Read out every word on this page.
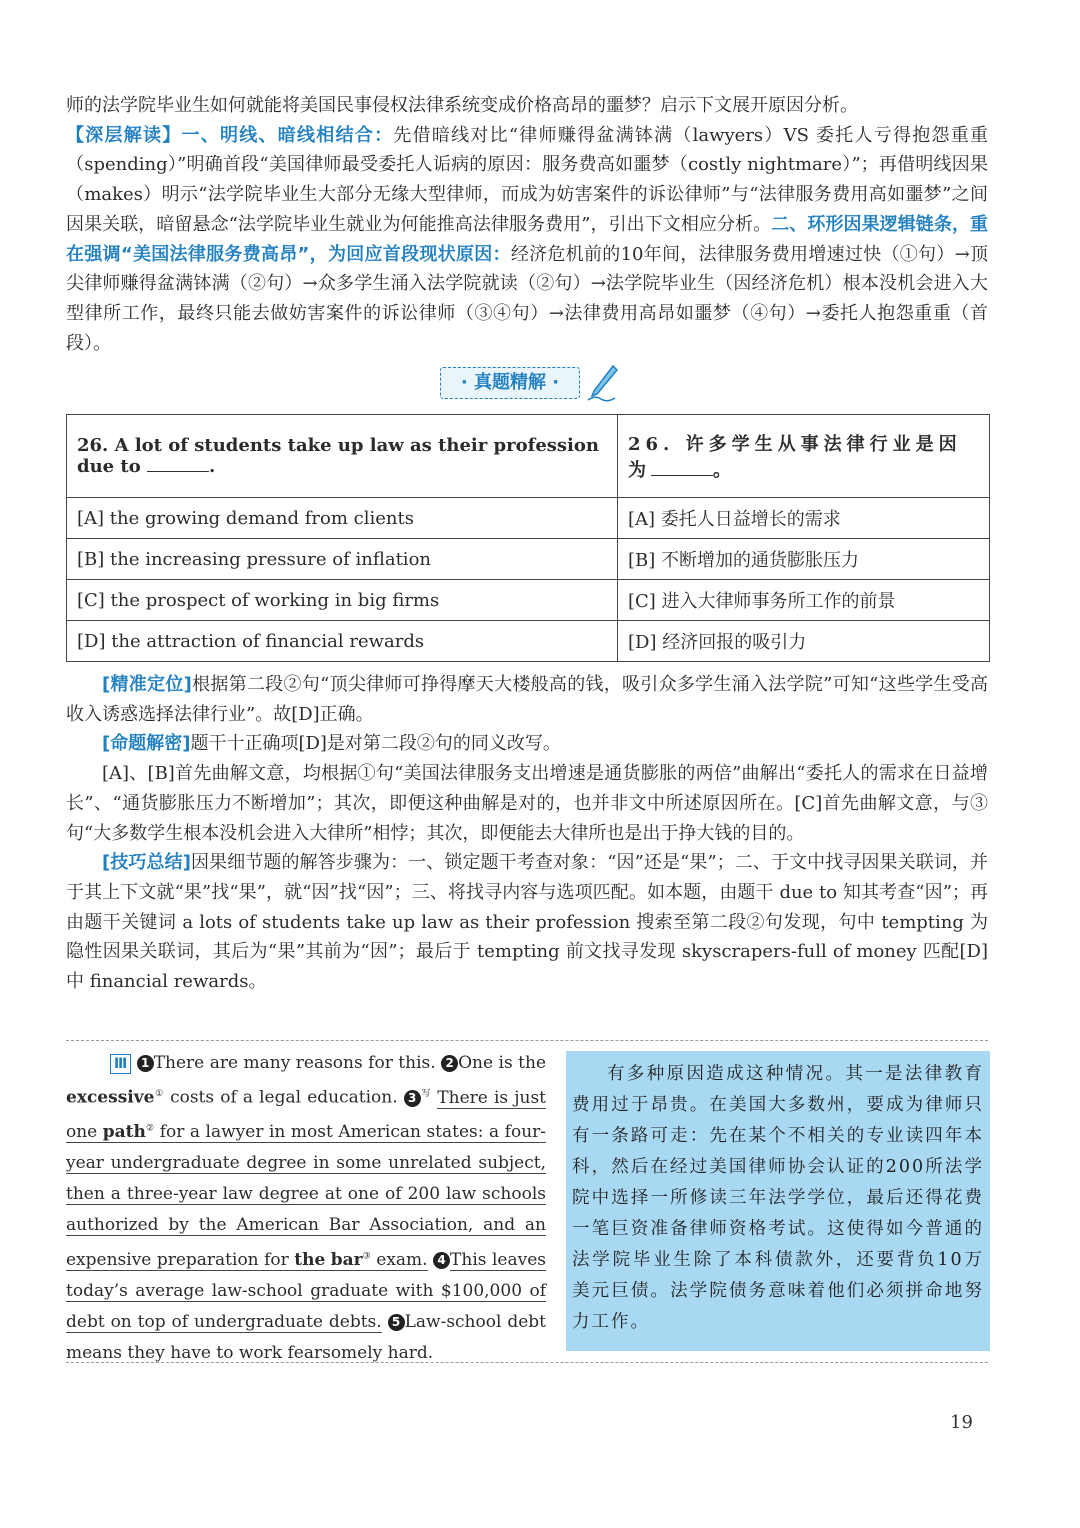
师的法学院毕业生如何就能将美国民事侵权法律系统变成价格高昂的噩梦？启示下文展开原因分析。
【深层解读】一、明线、暗线相结合：先借暗线对比“律师赚得盆满钵满（lawyers）VS 委托人亏得抱怨重重（spending）”明确首段“美国律师最受委托人诟病的原因：服务费高如噩梦（costly nightmare）”；再借明线因果（makes）明示“法学院毕业生大部分无缘大型律师，而成为妨害案件的诉讼律师”与“法律服务费用高如噩梦”之间因果关联，暗留悬念“法学院毕业生就业为何能推高法律服务费用”，引出下文相应分析。二、环形因果逻辑链条，重在强调“美国法律服务费高昂”，为回应首段现状原因：经济危机前的10年间，法律服务费用增速过快（①句）→顶尖律师赚得盆满钵满（②句）→众多学生涌入法学院就读（②句）→法学院毕业生（因经济危机）根本没机会进入大型律所工作，最终只能去做妨害案件的诉讼律师（③④句）→法律费用高昂如噩梦（④句）→委托人抱怨重重（首段）。
· 真题精解 ·
26. A lot of students take up law as their profession due to .	26. 许多学生从事法律行业是因为 。
[A] the growing demand from clients	[A] 委托人日益增长的需求
[B] the increasing pressure of inflation	[B] 不断增加的通货膨胀压力
[C] the prospect of working in big firms	[C] 进入大律师事务所工作的前景
[D] the attraction of financial rewards	[D] 经济回报的吸引力
[精准定位]根据第二段②句“顶尖律师可挣得摩天大楼般高的钱，吸引众多学生涌入法学院”可知“这些学生受高收入诱惑选择法律行业”。故[D]正确。
[命题解密]题干十正确项[D]是对第二段②句的同义改写。
[A]、[B]首先曲解文意，均根据①句“美国法律服务支出增速是通货膨胀的两倍”曲解出“委托人的需求在日益增长”、“通货膨胀压力不断增加”；其次，即便这种曲解是对的，也并非文中所述原因所在。[C]首先曲解文意，与③句“大多数学生根本没机会进入大律所”相悖；其次，即便能去大律所也是出于挣大钱的目的。
[技巧总结]因果细节题的解答步骤为：一、锁定题干考查对象：“因”还是“果”；二、于文中找寻因果关联词，并于其上下文就“果”找“果”，就“因”找“因”；三、将找寻内容与选项匹配。如本题，由题干 due to 知其考查“因”；再由题干关键词 a lots of students take up law as their profession 搜索至第二段②句发现，句中 tempting 为隐性因果关联词，其后为“果”其前为“因”；最后于 tempting 前文找寻发现 skyscrapers-full of money 匹配[D]中 financial rewards。

Ⅲ 1 There are many reasons for this. 2 One is the excessive① costs of a legal education. 3 $^写$ There is just one path② for a lawyer in most American states: a four-year undergraduate degree in some unrelated subject, then a three-year law degree at one of 200 law schools authorized by the American Bar Association, and an expensive preparation for the bar③ exam. 4 This leaves today’s average law-school graduate with $100,000 of debt on top of undergraduate debts. 5 Law-school debt means they have to work fearsomely hard.

有多种原因造成这种情况。其一是法律教育费用过于昂贵。在美国大多数州，要成为律师只有一条路可走：先在某个不相关的专业读四年本科，然后在经过美国律师协会认证的200所法学院中选择一所修读三年法学学位，最后还得花费一笔巨资准备律师资格考试。这使得如今普通的法学院毕业生除了本科债款外，还要背负10万美元巨债。法学院债务意味着他们必须拼命地努力工作。
19
